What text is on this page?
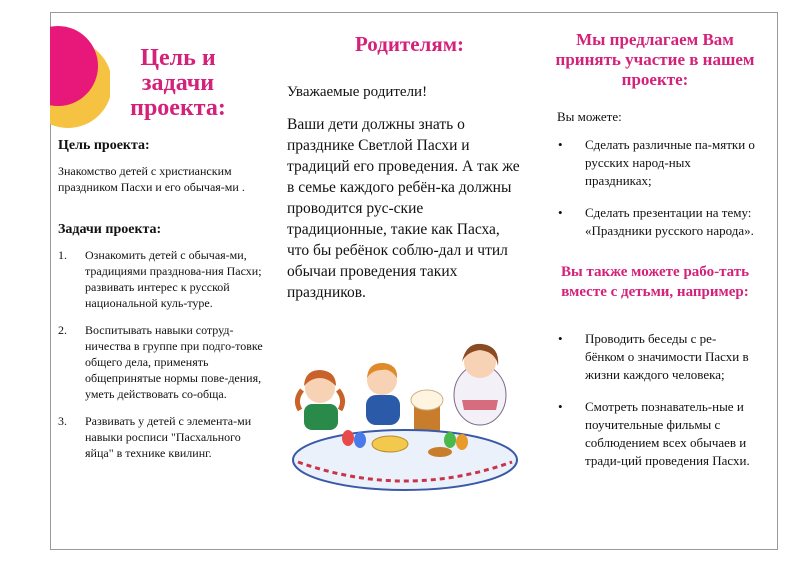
Цель и задачи проекта:
Цель проекта:
Знакомство детей с христианским праздником Пасхи и его обычая-ми .
Задачи проекта:
1. Ознакомить детей с обычая-ми, традициями празднова-ния Пасхи; развивать интерес к русской национальной куль-туре.
2. Воспитывать навыки сотруд-ничества в группе при подго-товке общего дела, применять общепринятые нормы пове-дения, уметь действовать со-обща.
3. Развивать у детей с элемента-ми навыки росписи "Пасхального яйца" в технике квилинг.
Родителям:
Уважаемые родители!
Ваши дети должны знать о празднике Светлой Пасхи и традиций его проведения. А так же в семье каждого ребён-ка должны проводится рус-ские традиционные, такие как Пасха, что бы ребёнок соблю-дал и чтил обычаи проведения таких праздников.
Мы предлагаем Вам принять участие в нашем проекте:
Вы можете:
• Сделать различные па-мятки о русских народ-ных праздниках;
• Сделать презентации на тему: «Праздники русского народа».
Вы также можете рабо-тать вместе с детьми, например:
• Проводить беседы с ре-бёнком о значимости Пасхи в жизни каждого человека;
• Смотреть познаватель-ные и поучительные фильмы с соблюдением всех обычаев и тради-ций проведения Пасхи.
